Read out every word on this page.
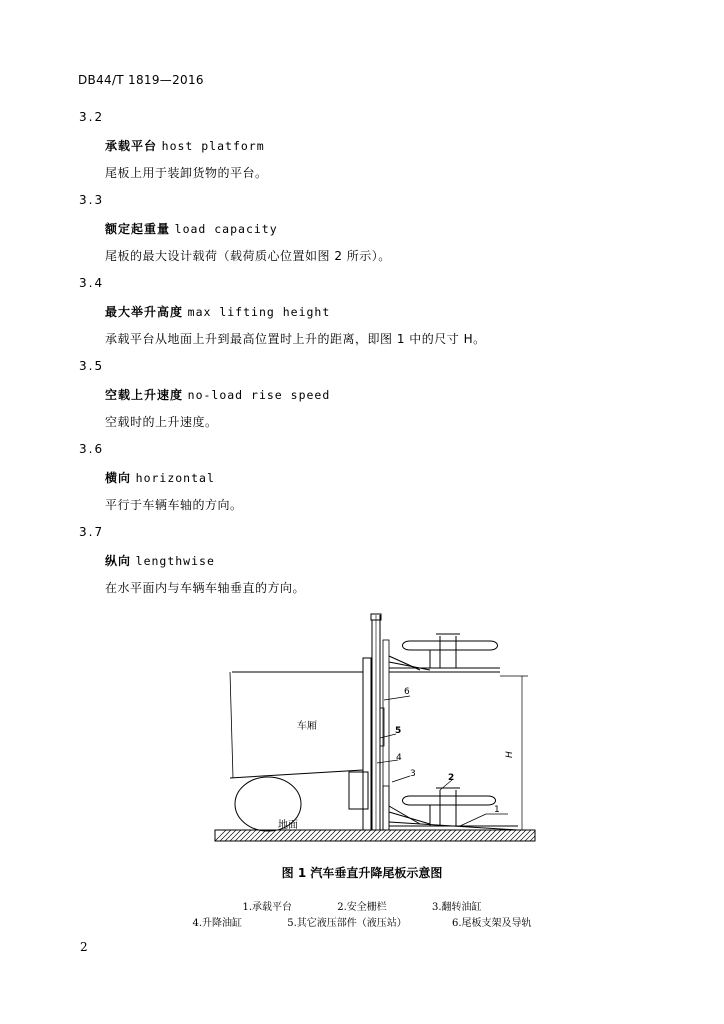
DB44/T 1819—2016
3.2
承载平台 host platform
尾板上用于装卸货物的平台。
3.3
额定起重量 load capacity
尾板的最大设计载荷（载荷质心位置如图 2 所示）。
3.4
最大举升高度 max lifting height
承载平台从地面上升到最高位置时上升的距离，即图 1 中的尺寸 H。
3.5
空载上升速度 no-load rise speed
空载时的上升速度。
3.6
横向 horizontal
平行于车辆车轴的方向。
3.7
纵向 lengthwise
在水平面内与车辆车轴垂直的方向。
车厢
地面
H
6
5
4
3	2
1
图 1 汽车垂直升降尾板示意图
1.承载平台	2.安全栅栏	3.翻转油缸
4.升降油缸	5.其它液压部件（液压站）	6.尾板支架及导轨
2
